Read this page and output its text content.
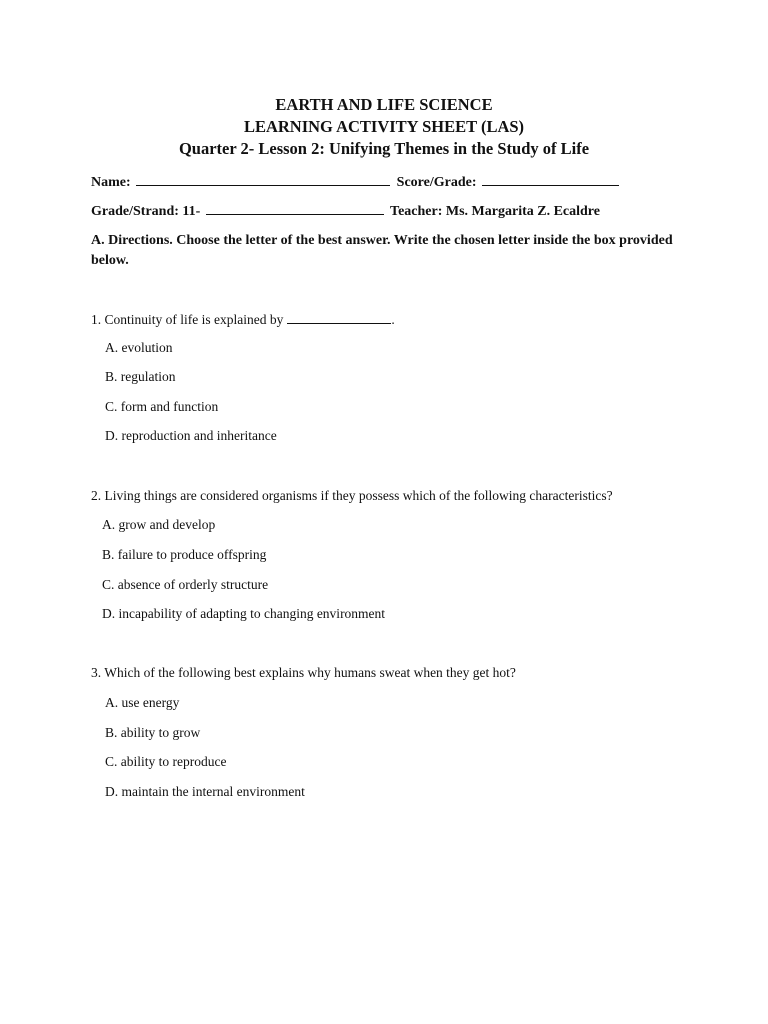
EARTH AND LIFE SCIENCE
LEARNING ACTIVITY SHEET (LAS)
Quarter 2- Lesson 2: Unifying Themes in the Study of Life
Name:	Score/Grade:
Grade/Strand: 11-	Teacher: Ms. Margarita Z. Ecaldre
A. Directions. Choose the letter of the best answer. Write the chosen letter inside the box provided below.
1. Continuity of life is explained by	.
A. evolution
B. regulation
C. form and function
D. reproduction and inheritance
2. Living things are considered organisms if they possess which of the following characteristics?
A. grow and develop
B. failure to produce offspring
C. absence of orderly structure
D. incapability of adapting to changing environment
3. Which of the following best explains why humans sweat when they get hot?
A. use energy
B. ability to grow
C. ability to reproduce
D. maintain the internal environment
